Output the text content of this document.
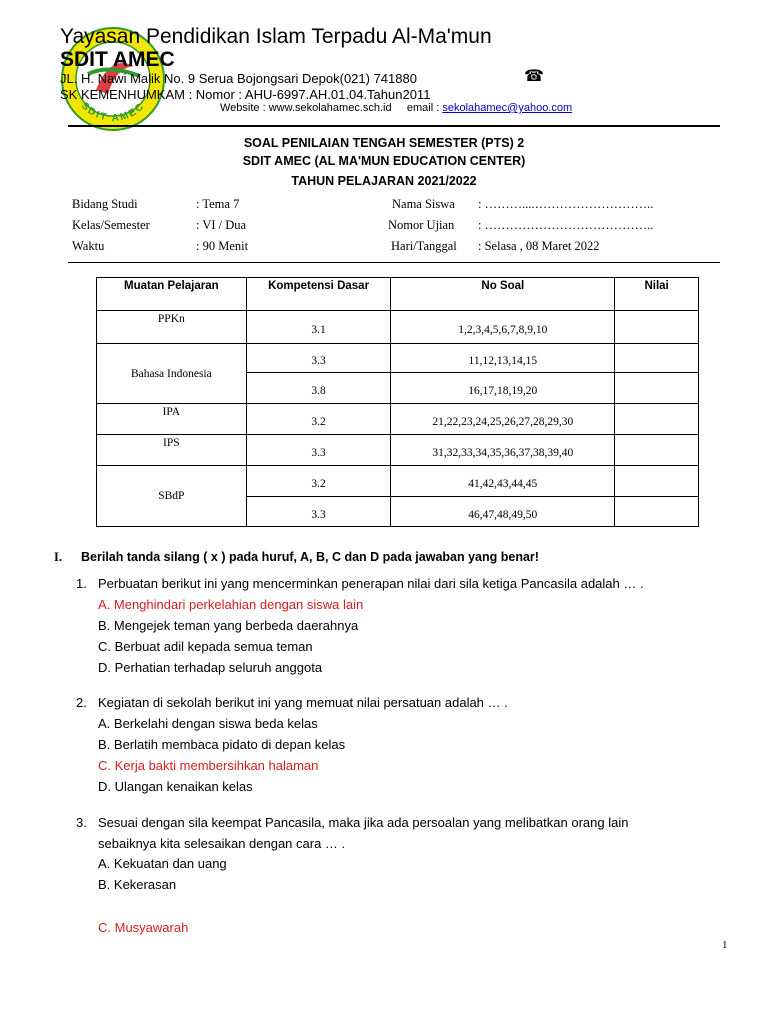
SDIT AMEC
Yayasan Pendidikan Islam Terpadu Al-Ma'mun
SDIT AMEC
JL. H. Nawi Malik No. 9 Serua Bojongsari Depok(021) 741880	☎
SK KEMENHUMKAM : Nomor : AHU-6997.AH.01.04.Tahun2011
Website : www.sekolahamec.sch.id email : sekolahamec@yahoo.com
SOAL PENILAIAN TENGAH SEMESTER (PTS) 2
SDIT AMEC (AL MA'MUN EDUCATION CENTER)
TAHUN PELAJARAN 2021/2022
Bidang Studi	: Tema 7
Kelas/Semester	: VI / Dua
Waktu	: 90 Menit
Nama Siswa : ………....………………………..
Nomor Ujian : …………………………………..
Hari/Tanggal : Selasa , 08 Maret 2022
Muatan Pelajaran	Kompetensi Dasar	No Soal	Nilai
PPKn	3.1	1,2,3,4,5,6,7,8,9,10	
Bahasa Indonesia	3.3	11,12,13,14,15	
	3.8	16,17,18,19,20	
IPA	3.2	21,22,23,24,25,26,27,28,29,30	
IPS	3.3	31,32,33,34,35,36,37,38,39,40	
SBdP	3.2	41,42,43,44,45	
	3.3	46,47,48,49,50	
I. Berilah tanda silang ( x ) pada huruf, A, B, C dan D pada jawaban yang benar!
1. Perbuatan berikut ini yang mencerminkan penerapan nilai dari sila ketiga Pancasila adalah … .
A. Menghindari perkelahian dengan siswa lain
B. Mengejek teman yang berbeda daerahnya
C. Berbuat adil kepada semua teman
D. Perhatian terhadap seluruh anggota
2. Kegiatan di sekolah berikut ini yang memuat nilai persatuan adalah … .
A. Berkelahi dengan siswa beda kelas
B. Berlatih membaca pidato di depan kelas
C. Kerja bakti membersihkan halaman
D. Ulangan kenaikan kelas
3. Sesuai dengan sila keempat Pancasila, maka jika ada persoalan yang melibatkan orang lain
sebaiknya kita selesaikan dengan cara … .
A. Kekuatan dan uang
B. Kekerasan
C. Musyawarah
1
